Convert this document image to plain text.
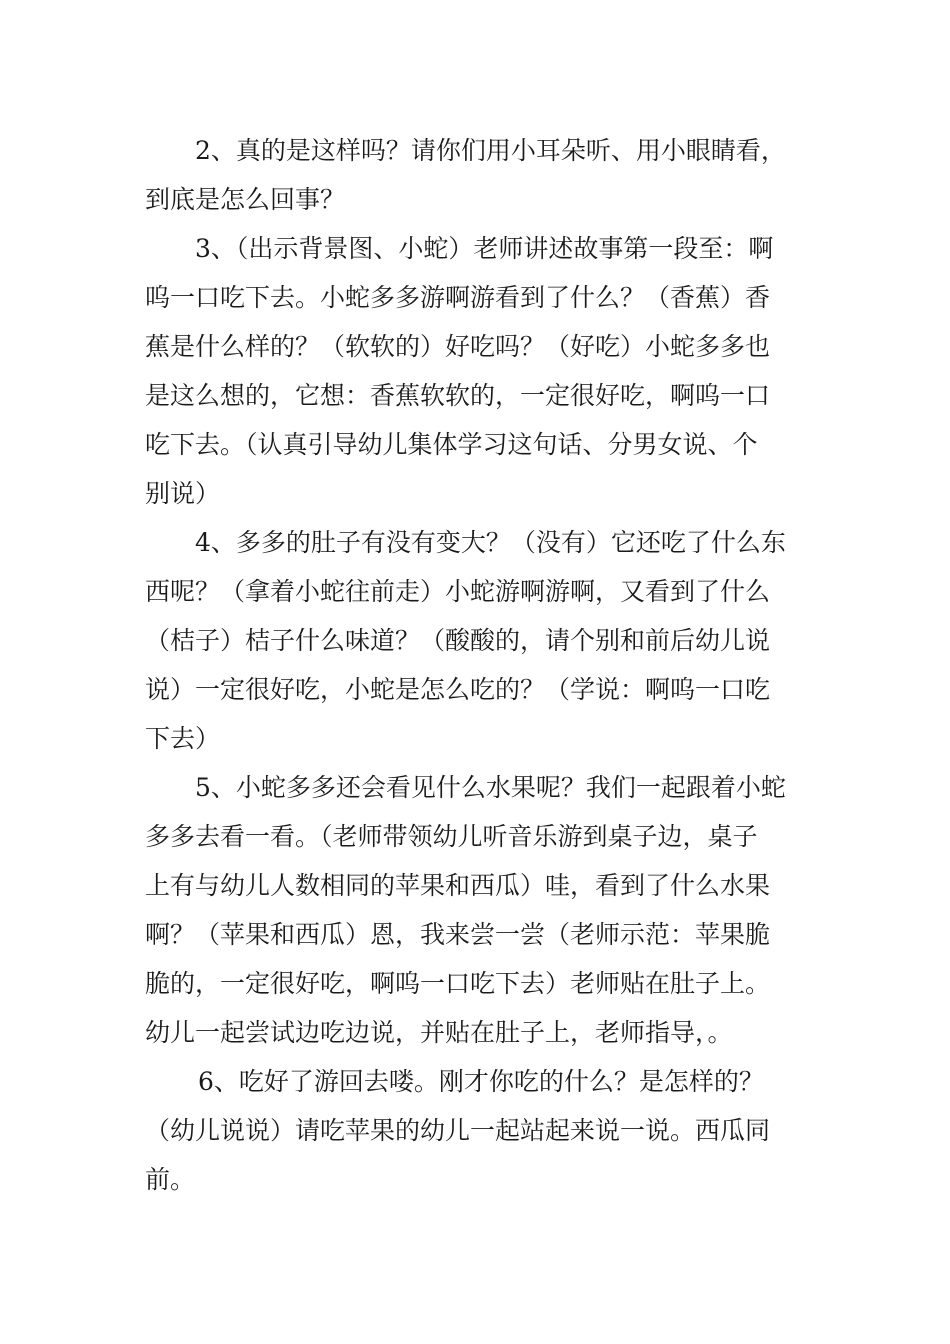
2、真的是这样吗？请你们用小耳朵听、用小眼睛看，
到底是怎么回事？

3、（出示背景图、小蛇）老师讲述故事第一段至：啊
呜一口吃下去。小蛇多多游啊游看到了什么？（香蕉）香
蕉是什么样的？（软软的）好吃吗？（好吃）小蛇多多也
是这么想的，它想：香蕉软软的，一定很好吃，啊呜一口
吃下去。（认真引导幼儿集体学习这句话、分男女说、个
别说）

4、多多的肚子有没有变大？（没有）它还吃了什么东
西呢？（拿着小蛇往前走）小蛇游啊游啊，又看到了什么
（桔子）桔子什么味道？（酸酸的，请个别和前后幼儿说
说）一定很好吃，小蛇是怎么吃的？（学说：啊呜一口吃
下去）

5、小蛇多多还会看见什么水果呢？我们一起跟着小蛇
多多去看一看。（老师带领幼儿听音乐游到桌子边，桌子
上有与幼儿人数相同的苹果和西瓜）哇，看到了什么水果
啊？（苹果和西瓜）恩，我来尝一尝（老师示范：苹果脆
脆的，一定很好吃，啊呜一口吃下去）老师贴在肚子上。
幼儿一起尝试边吃边说，并贴在肚子上，老师指导，。

6、吃好了游回去喽。刚才你吃的什么？是怎样的？
（幼儿说说）请吃苹果的幼儿一起站起来说一说。西瓜同
前。
